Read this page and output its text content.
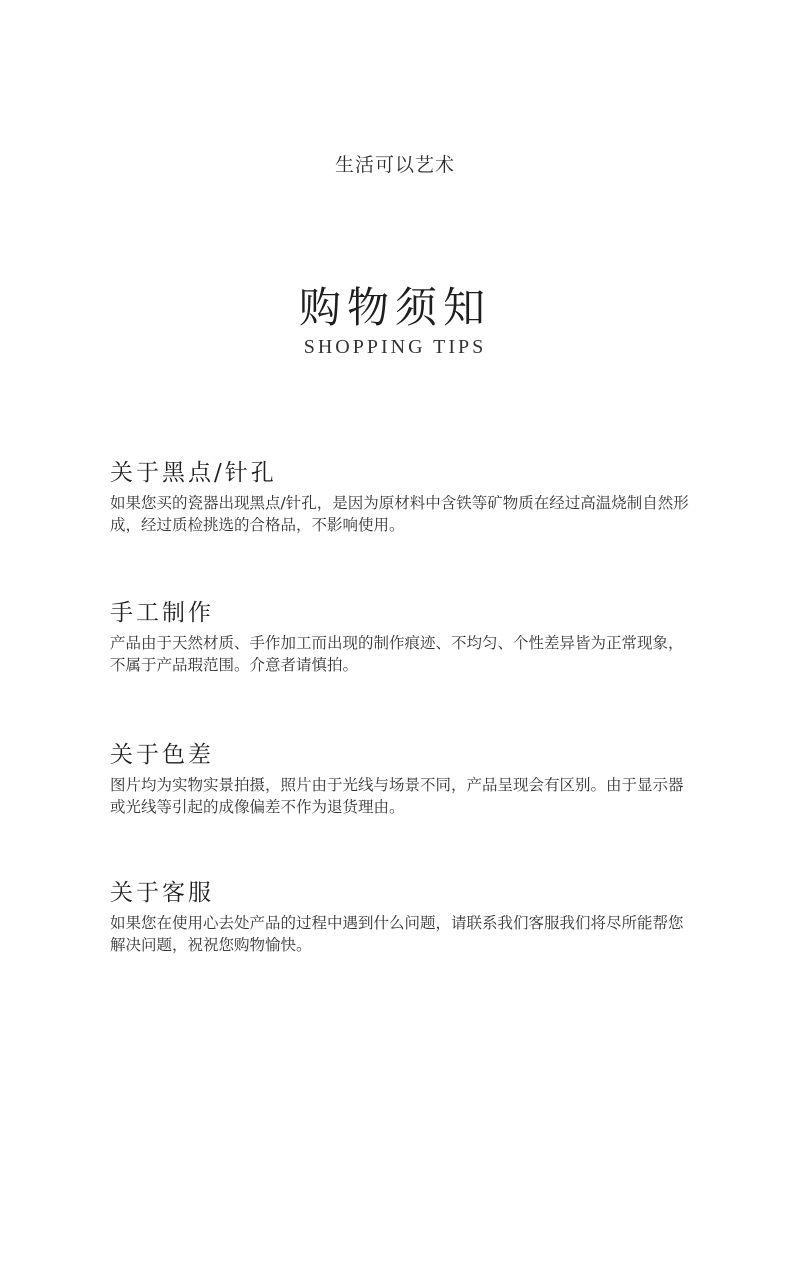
生活可以艺术
购物须知
SHOPPING TIPS
关于黑点/针孔
如果您买的瓷器出现黑点/针孔，是因为原材料中含铁等矿物质在经过高温烧制自然形成，经过质检挑选的合格品，不影响使用。
手工制作
产品由于天然材质、手作加工而出现的制作痕迹、不均匀、个性差异皆为正常现象，不属于产品瑕范围。介意者请慎拍。
关于色差
图片均为实物实景拍摄，照片由于光线与场景不同，产品呈现会有区别。由于显示器或光线等引起的成像偏差不作为退货理由。
关于客服
如果您在使用心去处产品的过程中遇到什么问题，请联系我们客服我们将尽所能帮您解决问题，祝祝您购物愉快。
